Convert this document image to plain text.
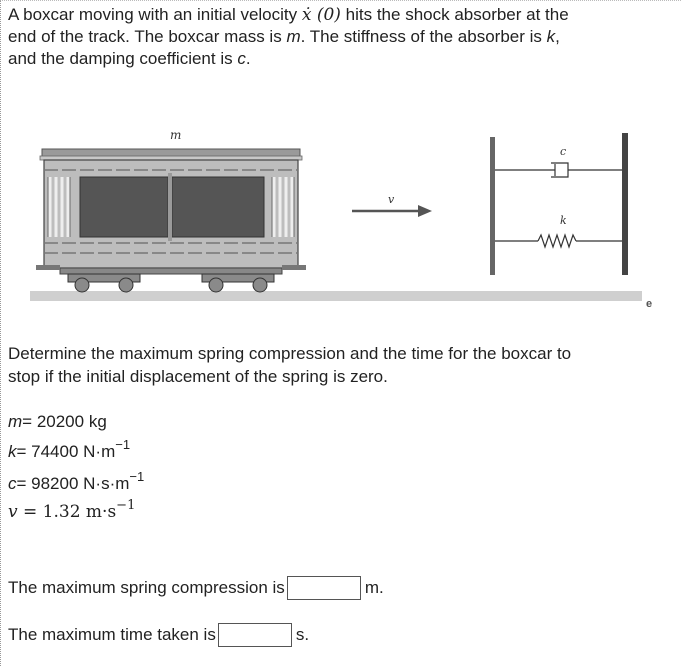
A boxcar moving with an initial velocity ẋ (0) hits the shock absorber at the

end of the track. The boxcar mass is m. The stiffness of the absorber is k,

and the damping coefficient is c.

m
v
c
k
e

Determine the maximum spring compression and the time for the boxcar to

stop if the initial displacement of the spring is zero.

m= 20200 kg
k= 74400 $N\cdot m^{-1}$
c= 98200 $N\cdot s\cdot m^{-1}$
v = 1.32 $m\cdot s^{-1}$
The maximum spring compression is	m.
The maximum time taken is	s.
